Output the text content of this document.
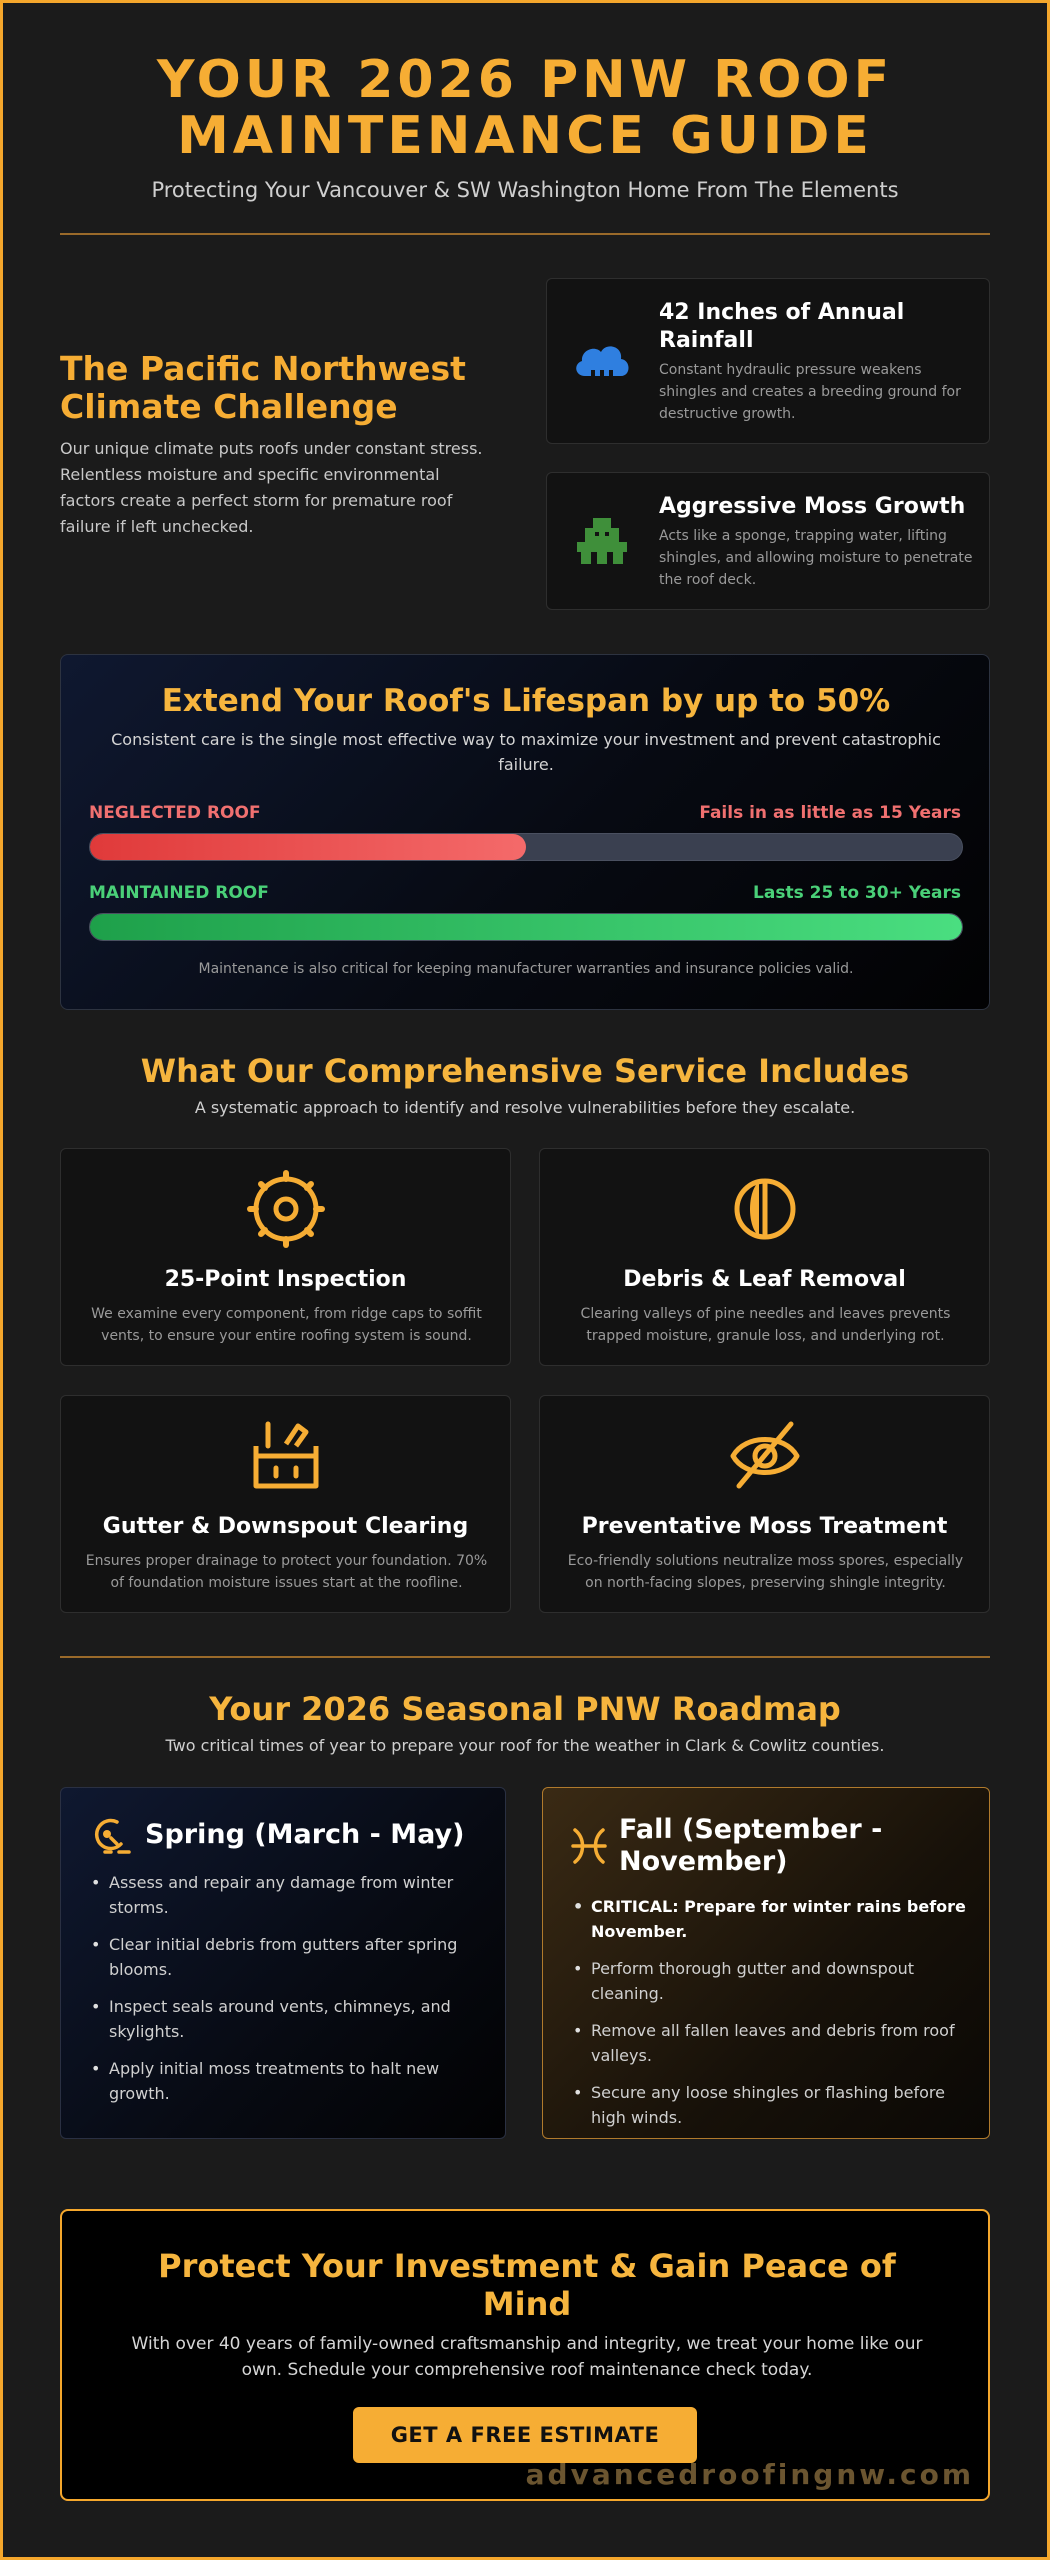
YOUR 2026 PNW ROOF
MAINTENANCE GUIDE
Protecting Your Vancouver & SW Washington Home From The Elements
The Pacific Northwest Climate Challenge
Our unique climate puts roofs under constant stress. Relentless moisture and specific environmental factors create a perfect storm for premature roof failure if left unchecked.
42 Inches of Annual Rainfall
Constant hydraulic pressure weakens shingles and creates a breeding ground for destructive growth.
Aggressive Moss Growth
Acts like a sponge, trapping water, lifting shingles, and allowing moisture to penetrate the roof deck.
Extend Your Roof's Lifespan by up to 50%
Consistent care is the single most effective way to maximize your investment and prevent catastrophic failure.
NEGLECTED ROOF	Fails in as little as 15 Years
MAINTAINED ROOF	Lasts 25 to 30+ Years
Maintenance is also critical for keeping manufacturer warranties and insurance policies valid.
What Our Comprehensive Service Includes
A systematic approach to identify and resolve vulnerabilities before they escalate.
25-Point Inspection
We examine every component, from ridge caps to soffit vents, to ensure your entire roofing system is sound.
Debris & Leaf Removal
Clearing valleys of pine needles and leaves prevents trapped moisture, granule loss, and underlying rot.
Gutter & Downspout Clearing
Ensures proper drainage to protect your foundation. 70% of foundation moisture issues start at the roofline.
Preventative Moss Treatment
Eco-friendly solutions neutralize moss spores, especially on north-facing slopes, preserving shingle integrity.
Your 2026 Seasonal PNW Roadmap
Two critical times of year to prepare your roof for the weather in Clark & Cowlitz counties.
Spring (March - May)
• Assess and repair any damage from winter storms.
• Clear initial debris from gutters after spring blooms.
• Inspect seals around vents, chimneys, and skylights.
• Apply initial moss treatments to halt new growth.
Fall (September -
November)
• CRITICAL: Prepare for winter rains before November.
• Perform thorough gutter and downspout cleaning.
• Remove all fallen leaves and debris from roof valleys.
• Secure any loose shingles or flashing before high winds.
Protect Your Investment & Gain Peace of
Mind
With over 40 years of family-owned craftsmanship and integrity, we treat your home like our own. Schedule your comprehensive roof maintenance check today.
GET A FREE ESTIMATE
advancedroofingnw.com
